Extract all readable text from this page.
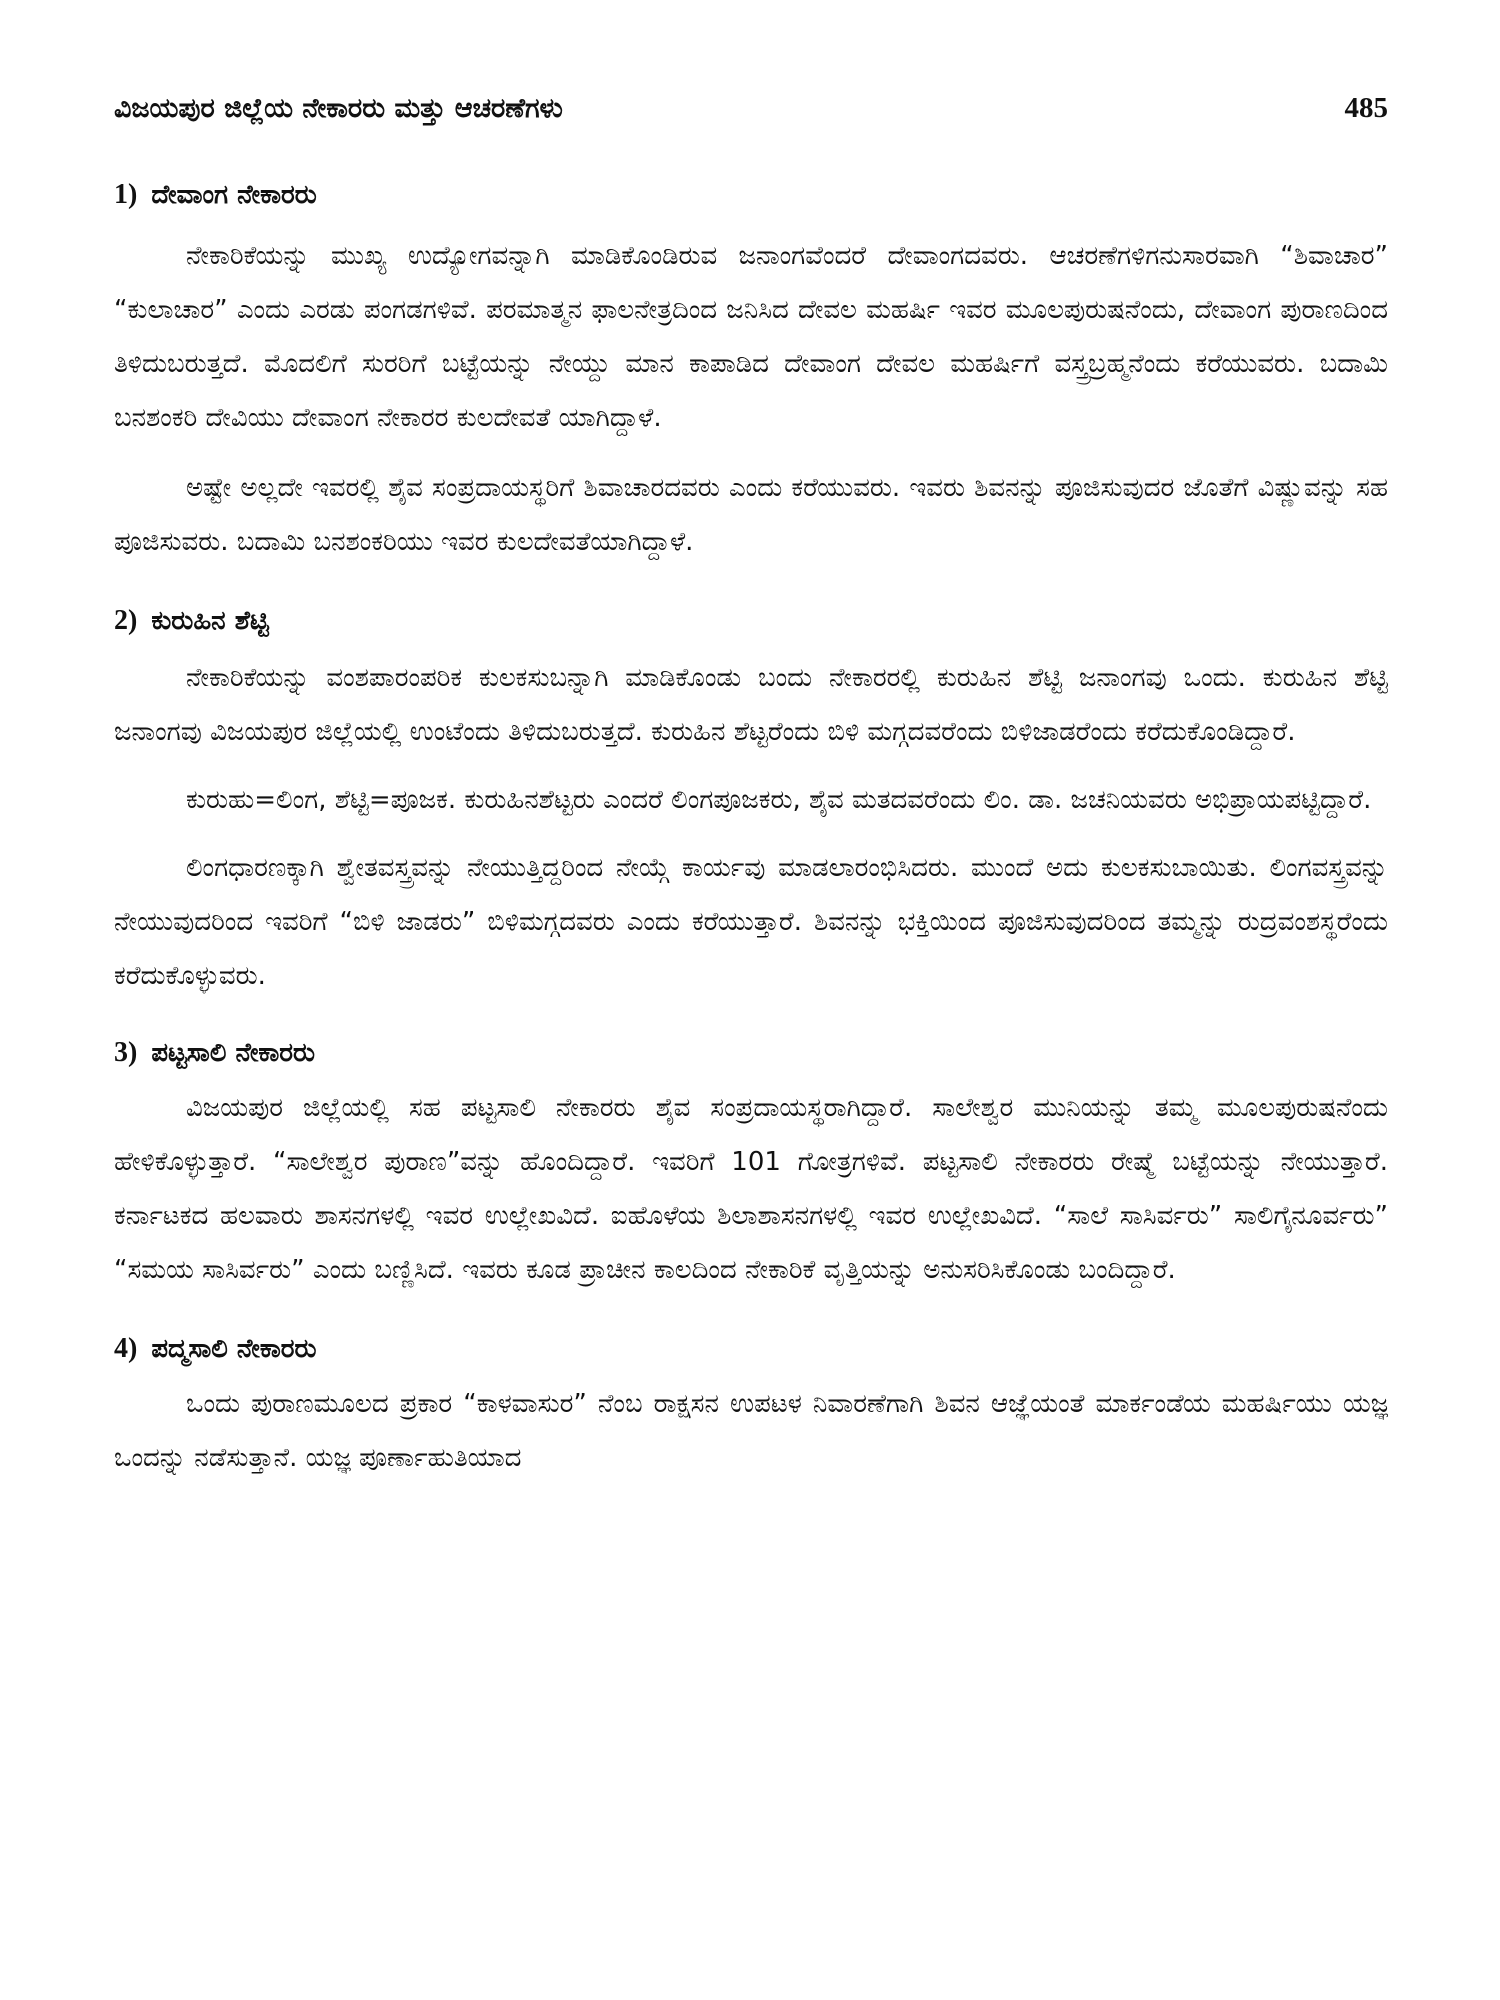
ವಿಜಯಪುರ ಜಿಲ್ಲೆಯ ನೇಕಾರರು ಮತ್ತು ಆಚರಣೆಗಳು	485
1) ದೇವಾಂಗ ನೇಕಾರರು

ನೇಕಾರಿಕೆಯನ್ನು ಮುಖ್ಯ ಉದ್ಯೋಗವನ್ನಾಗಿ ಮಾಡಿಕೊಂಡಿರುವ ಜನಾಂಗವೆಂದರೆ ದೇವಾಂಗದವರು. ಆಚರಣೆಗಳಿಗನುಸಾರವಾಗಿ “ಶಿವಾಚಾರ” “ಕುಲಾಚಾರ” ಎಂದು ಎರಡು ಪಂಗಡಗಳಿವೆ. ಪರಮಾತ್ಮನ ಫಾಲನೇತ್ರದಿಂದ ಜನಿಸಿದ ದೇವಲ ಮಹರ್ಷಿ ಇವರ ಮೂಲಪುರುಷನೆಂದು, ದೇವಾಂಗ ಪುರಾಣದಿಂದ ತಿಳಿದುಬರುತ್ತದೆ. ಮೊದಲಿಗೆ ಸುರರಿಗೆ ಬಟ್ಟೆಯನ್ನು ನೇಯ್ದು ಮಾನ ಕಾಪಾಡಿದ ದೇವಾಂಗ ದೇವಲ ಮಹರ್ಷಿಗೆ ವಸ್ತ್ರಬ್ರಹ್ಮನೆಂದು ಕರೆಯುವರು. ಬದಾಮಿ ಬನಶಂಕರಿ ದೇವಿಯು ದೇವಾಂಗ ನೇಕಾರರ ಕುಲದೇವತೆ ಯಾಗಿದ್ದಾಳೆ.

ಅಷ್ಟೇ ಅಲ್ಲದೇ ಇವರಲ್ಲಿ ಶೈವ ಸಂಪ್ರದಾಯಸ್ಥರಿಗೆ ಶಿವಾಚಾರದವರು ಎಂದು ಕರೆಯುವರು. ಇವರು ಶಿವನನ್ನು ಪೂಜಿಸುವುದರ ಜೊತೆಗೆ ವಿಷ್ಣುವನ್ನು ಸಹ ಪೂಜಿಸುವರು. ಬದಾಮಿ ಬನಶಂಕರಿಯು ಇವರ ಕುಲದೇವತೆಯಾಗಿದ್ದಾಳೆ.

2) ಕುರುಹಿನ ಶೆಟ್ಟಿ

ನೇಕಾರಿಕೆಯನ್ನು ವಂಶಪಾರಂಪರಿಕ ಕುಲಕಸುಬನ್ನಾಗಿ ಮಾಡಿಕೊಂಡು ಬಂದು ನೇಕಾರರಲ್ಲಿ ಕುರುಹಿನ ಶೆಟ್ಟಿ ಜನಾಂಗವು ಒಂದು. ಕುರುಹಿನ ಶೆಟ್ಟಿ ಜನಾಂಗವು ವಿಜಯಪುರ ಜಿಲ್ಲೆಯಲ್ಲಿ ಉಂಟೆಂದು ತಿಳಿದುಬರುತ್ತದೆ. ಕುರುಹಿನ ಶೆಟ್ಟರೆಂದು ಬಿಳಿ ಮಗ್ಗದವರೆಂದು ಬಿಳಿಜಾಡರೆಂದು ಕರೆದುಕೊಂಡಿದ್ದಾರೆ.

ಕುರುಹು=ಲಿಂಗ, ಶೆಟ್ಟಿ=ಪೂಜಕ. ಕುರುಹಿನಶೆಟ್ಟರು ಎಂದರೆ ಲಿಂಗಪೂಜಕರು, ಶೈವ ಮತದವರೆಂದು ಲಿಂ. ಡಾ. ಜಚನಿಯವರು ಅಭಿಪ್ರಾಯಪಟ್ಟಿದ್ದಾರೆ.

ಲಿಂಗಧಾರಣಕ್ಕಾಗಿ ಶ್ವೇತವಸ್ತ್ರವನ್ನು ನೇಯುತ್ತಿದ್ದರಿಂದ ನೇಯ್ಗೆ ಕಾರ್ಯವು ಮಾಡಲಾರಂಭಿಸಿದರು. ಮುಂದೆ ಅದು ಕುಲಕಸುಬಾಯಿತು. ಲಿಂಗವಸ್ತ್ರವನ್ನು ನೇಯುವುದರಿಂದ ಇವರಿಗೆ “ಬಿಳಿ ಜಾಡರು” ಬಿಳಿಮಗ್ಗದವರು ಎಂದು ಕರೆಯುತ್ತಾರೆ. ಶಿವನನ್ನು ಭಕ್ತಿಯಿಂದ ಪೂಜಿಸುವುದರಿಂದ ತಮ್ಮನ್ನು ರುದ್ರವಂಶಸ್ಥರೆಂದು ಕರೆದುಕೊಳ್ಳುವರು.

3) ಪಟ್ಟಸಾಲಿ ನೇಕಾರರು

ವಿಜಯಪುರ ಜಿಲ್ಲೆಯಲ್ಲಿ ಸಹ ಪಟ್ಟಸಾಲಿ ನೇಕಾರರು ಶೈವ ಸಂಪ್ರದಾಯಸ್ಥರಾಗಿದ್ದಾರೆ. ಸಾಲೇಶ್ವರ ಮುನಿಯನ್ನು ತಮ್ಮ ಮೂಲಪುರುಷನೆಂದು ಹೇಳಿಕೊಳ್ಳುತ್ತಾರೆ. “ಸಾಲೇಶ್ವರ ಪುರಾಣ”ವನ್ನು ಹೊಂದಿದ್ದಾರೆ. ಇವರಿಗೆ 101 ಗೋತ್ರಗಳಿವೆ. ಪಟ್ಟಸಾಲಿ ನೇಕಾರರು ರೇಷ್ಮೆ ಬಟ್ಟೆಯನ್ನು ನೇಯುತ್ತಾರೆ. ಕರ್ನಾಟಕದ ಹಲವಾರು ಶಾಸನಗಳಲ್ಲಿ ಇವರ ಉಲ್ಲೇಖವಿದೆ. ಐಹೊಳೆಯ ಶಿಲಾಶಾಸನಗಳಲ್ಲಿ ಇವರ ಉಲ್ಲೇಖವಿದೆ. “ಸಾಲೆ ಸಾಸಿರ್ವರು” ಸಾಲಿಗೈನೂರ್ವರು” “ಸಮಯ ಸಾಸಿರ್ವರು” ಎಂದು ಬಣ್ಣಿಸಿದೆ. ಇವರು ಕೂಡ ಪ್ರಾಚೀನ ಕಾಲದಿಂದ ನೇಕಾರಿಕೆ ವೃತ್ತಿಯನ್ನು ಅನುಸರಿಸಿಕೊಂಡು ಬಂದಿದ್ದಾರೆ.

4) ಪದ್ಮಸಾಲಿ ನೇಕಾರರು

ಒಂದು ಪುರಾಣಮೂಲದ ಪ್ರಕಾರ “ಕಾಳವಾಸುರ” ನೆಂಬ ರಾಕ್ಷಸನ ಉಪಟಳ ನಿವಾರಣೆಗಾಗಿ ಶಿವನ ಆಜ್ಞೆಯಂತೆ ಮಾರ್ಕಂಡೆಯ ಮಹರ್ಷಿಯು ಯಜ್ಞ ಒಂದನ್ನು ನಡೆಸುತ್ತಾನೆ. ಯಜ್ಞ ಪೂರ್ಣಾಹುತಿಯಾದ
